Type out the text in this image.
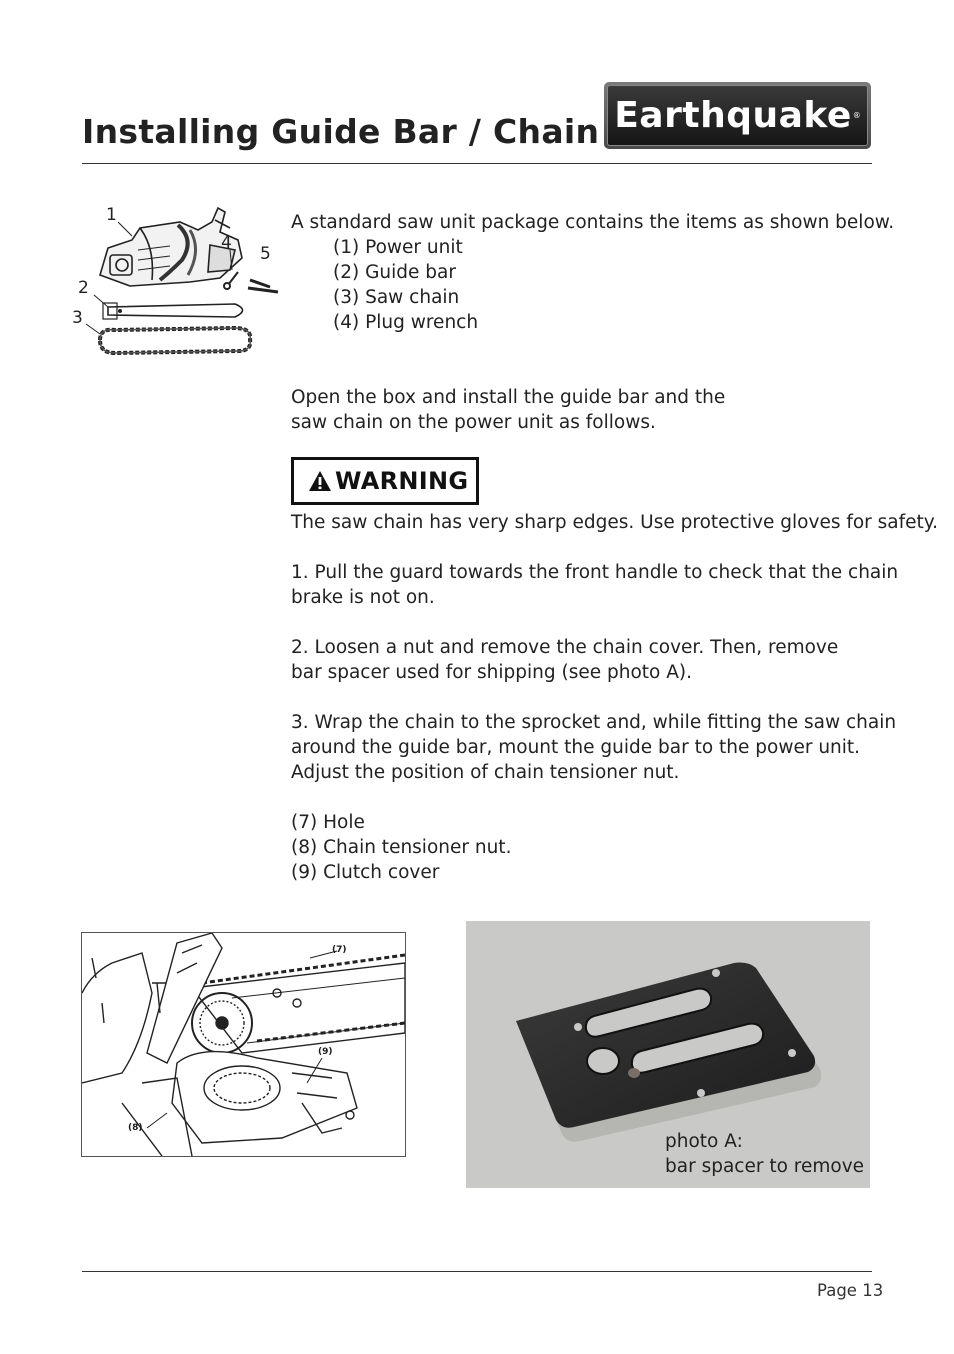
Installing Guide Bar / Chain Earthquake ®
1
4
5
2
3
A standard saw unit package contains the items as shown below.
(1) Power unit
(2) Guide bar
(3) Saw chain
(4) Plug wrench
Open the box and install the guide bar and the
saw chain on the power unit as follows.
WARNING
The saw chain has very sharp edges. Use protective gloves for safety.
1. Pull the guard towards the front handle to check that the chain
brake is not on.
2. Loosen a nut and remove the chain cover. Then, remove
bar spacer used for shipping (see photo A).
3. Wrap the chain to the sprocket and, while fitting the saw chain
around the guide bar, mount the guide bar to the power unit.
Adjust the position of chain tensioner nut.
(7) Hole
(8) Chain tensioner nut.
(9) Clutch cover
(7)
(9)
(8)
photo A:
bar spacer to remove
Page 13
